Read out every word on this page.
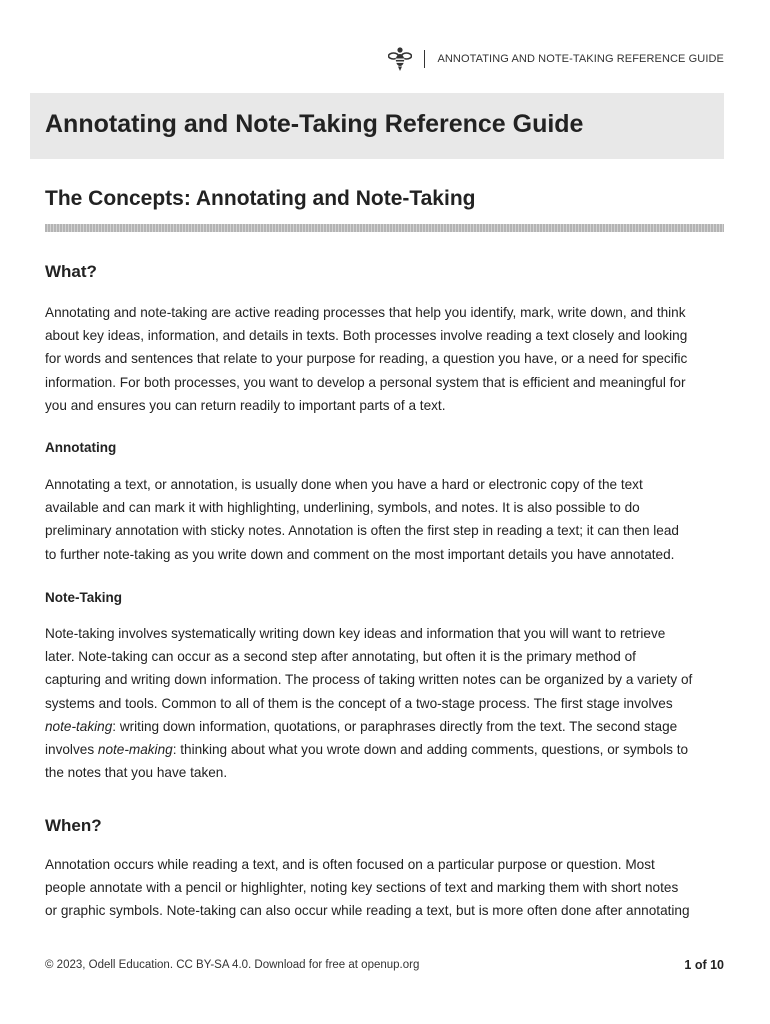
ANNOTATING AND NOTE-TAKING REFERENCE GUIDE
Annotating and Note-Taking Reference Guide
The Concepts: Annotating and Note-Taking
What?

Annotating and note-taking are active reading processes that help you identify, mark, write down, and think
about key ideas, information, and details in texts. Both processes involve reading a text closely and looking
for words and sentences that relate to your purpose for reading, a question you have, or a need for specific
information. For both processes, you want to develop a personal system that is efficient and meaningful for
you and ensures you can return readily to important parts of a text.

Annotating

Annotating a text, or annotation, is usually done when you have a hard or electronic copy of the text
available and can mark it with highlighting, underlining, symbols, and notes. It is also possible to do
preliminary annotation with sticky notes. Annotation is often the first step in reading a text; it can then lead
to further note-taking as you write down and comment on the most important details you have annotated.

Note-Taking

Note-taking involves systematically writing down key ideas and information that you will want to retrieve
later. Note-taking can occur as a second step after annotating, but often it is the primary method of
capturing and writing down information. The process of taking written notes can be organized by a variety of
systems and tools. Common to all of them is the concept of a two-stage process. The first stage involves
note-taking: writing down information, quotations, or paraphrases directly from the text. The second stage
involves note-making: thinking about what you wrote down and adding comments, questions, or symbols to
the notes that you have taken.

When?

Annotation occurs while reading a text, and is often focused on a particular purpose or question. Most
people annotate with a pencil or highlighter, noting key sections of text and marking them with short notes
or graphic symbols. Note-taking can also occur while reading a text, but is more often done after annotating

© 2023, Odell Education. CC BY-SA 4.0. Download for free at openup.org	1 of 10
